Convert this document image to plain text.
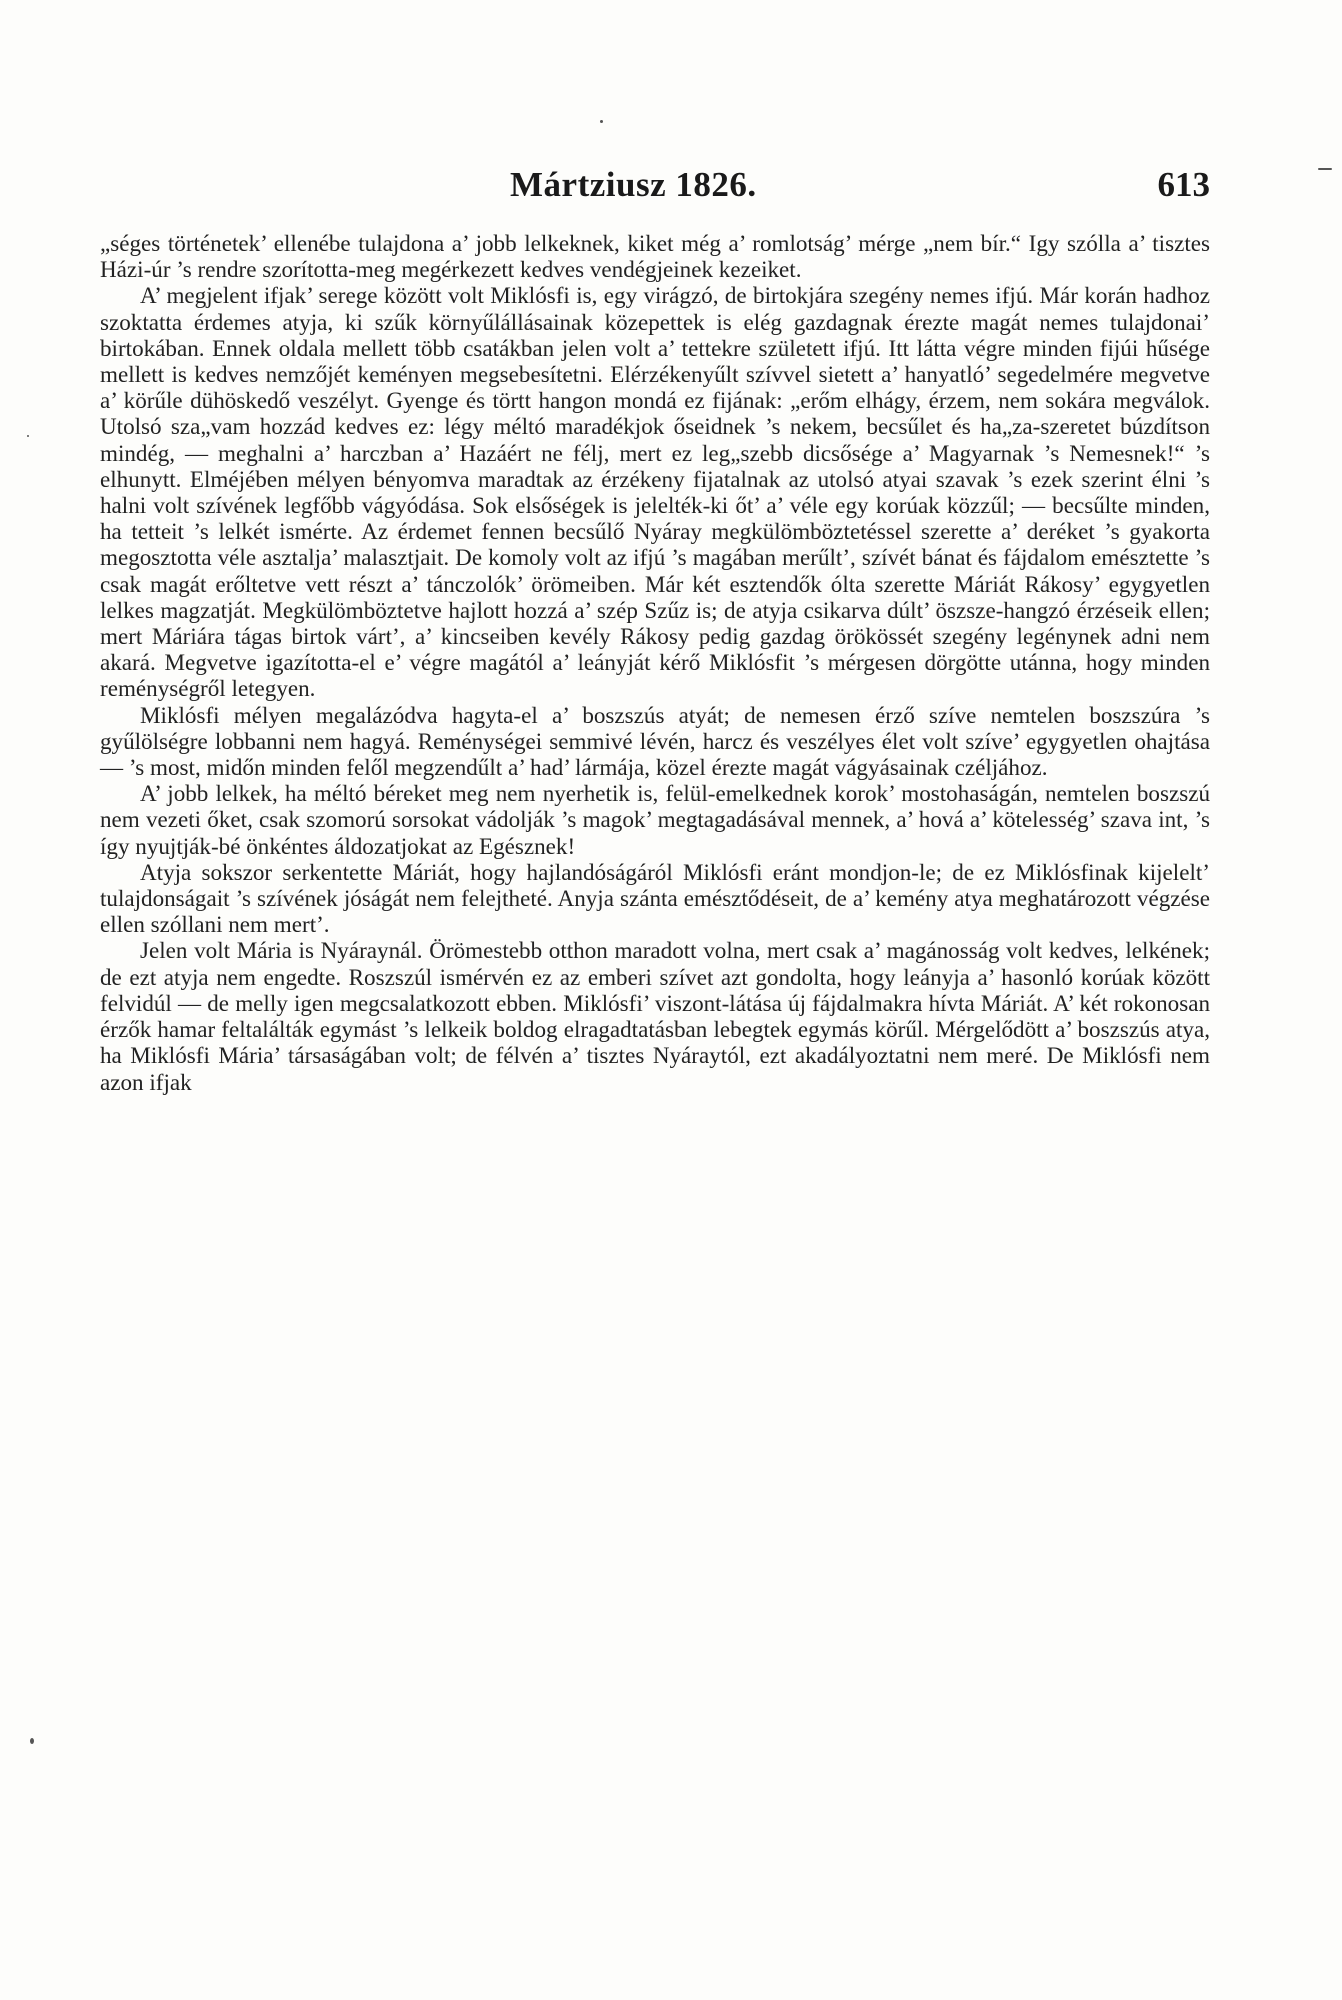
Mártziusz 1826.	613

„séges történetek’ ellenébe tulajdona a’ jobb lelkeknek, kiket még a’ romlotság’ mérge „nem bír.“ Igy szólla a’ tisztes Házi-úr ’s rendre szorította-meg megérkezett kedves vendégjeinek kezeiket.

A’ megjelent ifjak’ serege között volt Miklósfi is, egy virágzó, de birtokjára szegény nemes ifjú. Már korán hadhoz szoktatta érdemes atyja, ki szűk környűlállásainak közepettek is elég gazdagnak érezte magát nemes tulajdonai’ birtokában. Ennek oldala mellett több csatákban jelen volt a’ tettekre született ifjú. Itt látta végre minden fijúi hűsége mellett is kedves nemzőjét keményen megsebesítetni. Elérzékenyűlt szívvel sietett a’ hanyatló’ segedelmére megvetve a’ körűle dühöskedő veszélyt. Gyenge és törtt hangon mondá ez fijának: „erőm elhágy, érzem, nem sokára megválok. Utolsó sza„vam hozzád kedves ez: légy méltó maradékjok őseidnek ’s nekem, becsűlet és ha„za-szeretet búzdítson mindég, — meghalni a’ harczban a’ Hazáért ne félj, mert ez leg„szebb dicsősége a’ Magyarnak ’s Nemesnek!“ ’s elhunytt. Elméjében mélyen bényomva maradtak az érzékeny fijatalnak az utolsó atyai szavak ’s ezek szerint élni ’s halni volt szívének legfőbb vágyódása. Sok elsőségek is jelelték-ki őt’ a’ véle egy korúak közzűl; — becsűlte minden, ha tetteit ’s lelkét ismérte. Az érdemet fennen becsűlő Nyáray megkülömböztetéssel szerette a’ deréket ’s gyakorta megosztotta véle asztalja’ malasztjait. De komoly volt az ifjú ’s magában merűlt’, szívét bánat és fájdalom emésztette ’s csak magát erőltetve vett részt a’ tánczolók’ örömeiben. Már két esztendők ólta szerette Máriát Rákosy’ egygyetlen lelkes magzatját. Megkülömböztetve hajlott hozzá a’ szép Szűz is; de atyja csikarva dúlt’ öszsze-hangzó érzéseik ellen; mert Máriára tágas birtok várt’, a’ kincseiben kevély Rákosy pedig gazdag örökössét szegény legénynek adni nem akará. Megvetve igazította-el e’ végre magától a’ leányját kérő Miklósfit ’s mérgesen dörgötte utánna, hogy minden reménységről letegyen.

Miklósfi mélyen megalázódva hagyta-el a’ boszszús atyát; de nemesen érző szíve nemtelen boszszúra ’s gyűlölségre lobbanni nem hagyá. Reménységei semmivé lévén, harcz és veszélyes élet volt szíve’ egygyetlen ohajtása — ’s most, midőn minden felől megzendűlt a’ had’ lármája, közel érezte magát vágyásainak czéljához.

A’ jobb lelkek, ha méltó béreket meg nem nyerhetik is, felül-emelkednek korok’ mostohaságán, nemtelen boszszú nem vezeti őket, csak szomorú sorsokat vádolják ’s magok’ megtagadásával mennek, a’ hová a’ kötelesség’ szava int, ’s így nyujtják-bé önkéntes áldozatjokat az Egésznek!

Atyja sokszor serkentette Máriát, hogy hajlandóságáról Miklósfi eránt mondjon-le; de ez Miklósfinak kijelelt’ tulajdonságait ’s szívének jóságát nem felejtheté. Anyja szánta emésztődéseit, de a’ kemény atya meghatározott végzése ellen szóllani nem mert’.

Jelen volt Mária is Nyáraynál. Örömestebb otthon maradott volna, mert csak a’ magánosság volt kedves, lelkének; de ezt atyja nem engedte. Roszszúl ismérvén ez az emberi szívet azt gondolta, hogy leányja a’ hasonló korúak között felvidúl — de melly igen megcsalatkozott ebben. Miklósfi’ viszont-látása új fájdalmakra hívta Máriát. A’ két rokonosan érzők hamar feltalálták egymást ’s lelkeik boldog elragadtatásban lebegtek egymás körűl. Mérgelődött a’ boszszús atya, ha Miklósfi Mária’ társaságában volt; de félvén a’ tisztes Nyáraytól, ezt akadályoztatni nem meré. De Miklósfi nem azon ifjak
